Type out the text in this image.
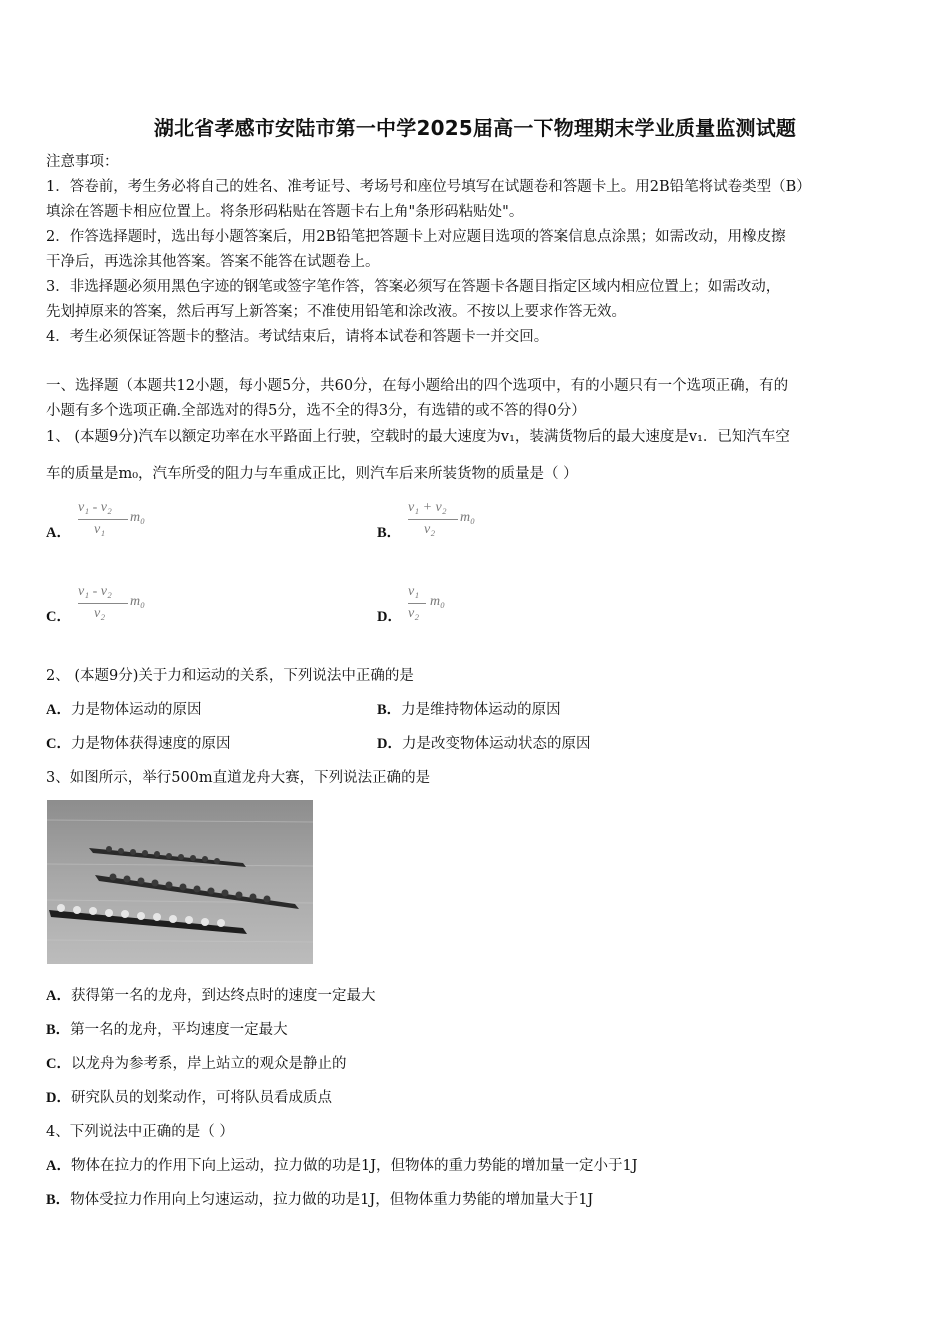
湖北省孝感市安陆市第一中学2025届高一下物理期末学业质量监测试题
注意事项：
1．答卷前，考生务必将自己的姓名、准考证号、考场号和座位号填写在试题卷和答题卡上。用2B铅笔将试卷类型（B）
填涂在答题卡相应位置上。将条形码粘贴在答题卡右上角"条形码粘贴处"。
2．作答选择题时，选出每小题答案后，用2B铅笔把答题卡上对应题目选项的答案信息点涂黑；如需改动，用橡皮擦
干净后，再选涂其他答案。答案不能答在试题卷上。
3．非选择题必须用黑色字迹的钢笔或签字笔作答，答案必须写在答题卡各题目指定区域内相应位置上；如需改动，
先划掉原来的答案，然后再写上新答案；不准使用铅笔和涂改液。不按以上要求作答无效。
4．考生必须保证答题卡的整洁。考试结束后，请将本试卷和答题卡一并交回。
一、选择题（本题共12小题，每小题5分，共60分，在每小题给出的四个选项中，有的小题只有一个选项正确，有的
小题有多个选项正确.全部选对的得5分，选不全的得3分，有选错的或不答的得0分）
1、 (本题9分)汽车以额定功率在水平路面上行驶，空载时的最大速度为v₁，装满货物后的最大速度是v₁．已知汽车空
车的质量是m₀，汽车所受的阻力与车重成正比，则汽车后来所装货物的质量是（ ）
A．
v₁ - v₂
v₁
m₀
B．
v₁ + v₂
v₂
m₀
C．
v₁ - v₂
v₂
m₀
D．
v₁
v₂
m₀
2、 (本题9分)关于力和运动的关系，下列说法中正确的是
A．力是物体运动的原因	B．力是维持物体运动的原因
C．力是物体获得速度的原因	D．力是改变物体运动状态的原因
3、如图所示，举行500m直道龙舟大赛，下列说法正确的是
A．获得第一名的龙舟，到达终点时的速度一定最大
B．第一名的龙舟，平均速度一定最大
C．以龙舟为参考系，岸上站立的观众是静止的
D．研究队员的划桨动作，可将队员看成质点
4、下列说法中正确的是（ ）
A．物体在拉力的作用下向上运动，拉力做的功是1J，但物体的重力势能的增加量一定小于1J
B．物体受拉力作用向上匀速运动，拉力做的功是1J，但物体重力势能的增加量大于1J
